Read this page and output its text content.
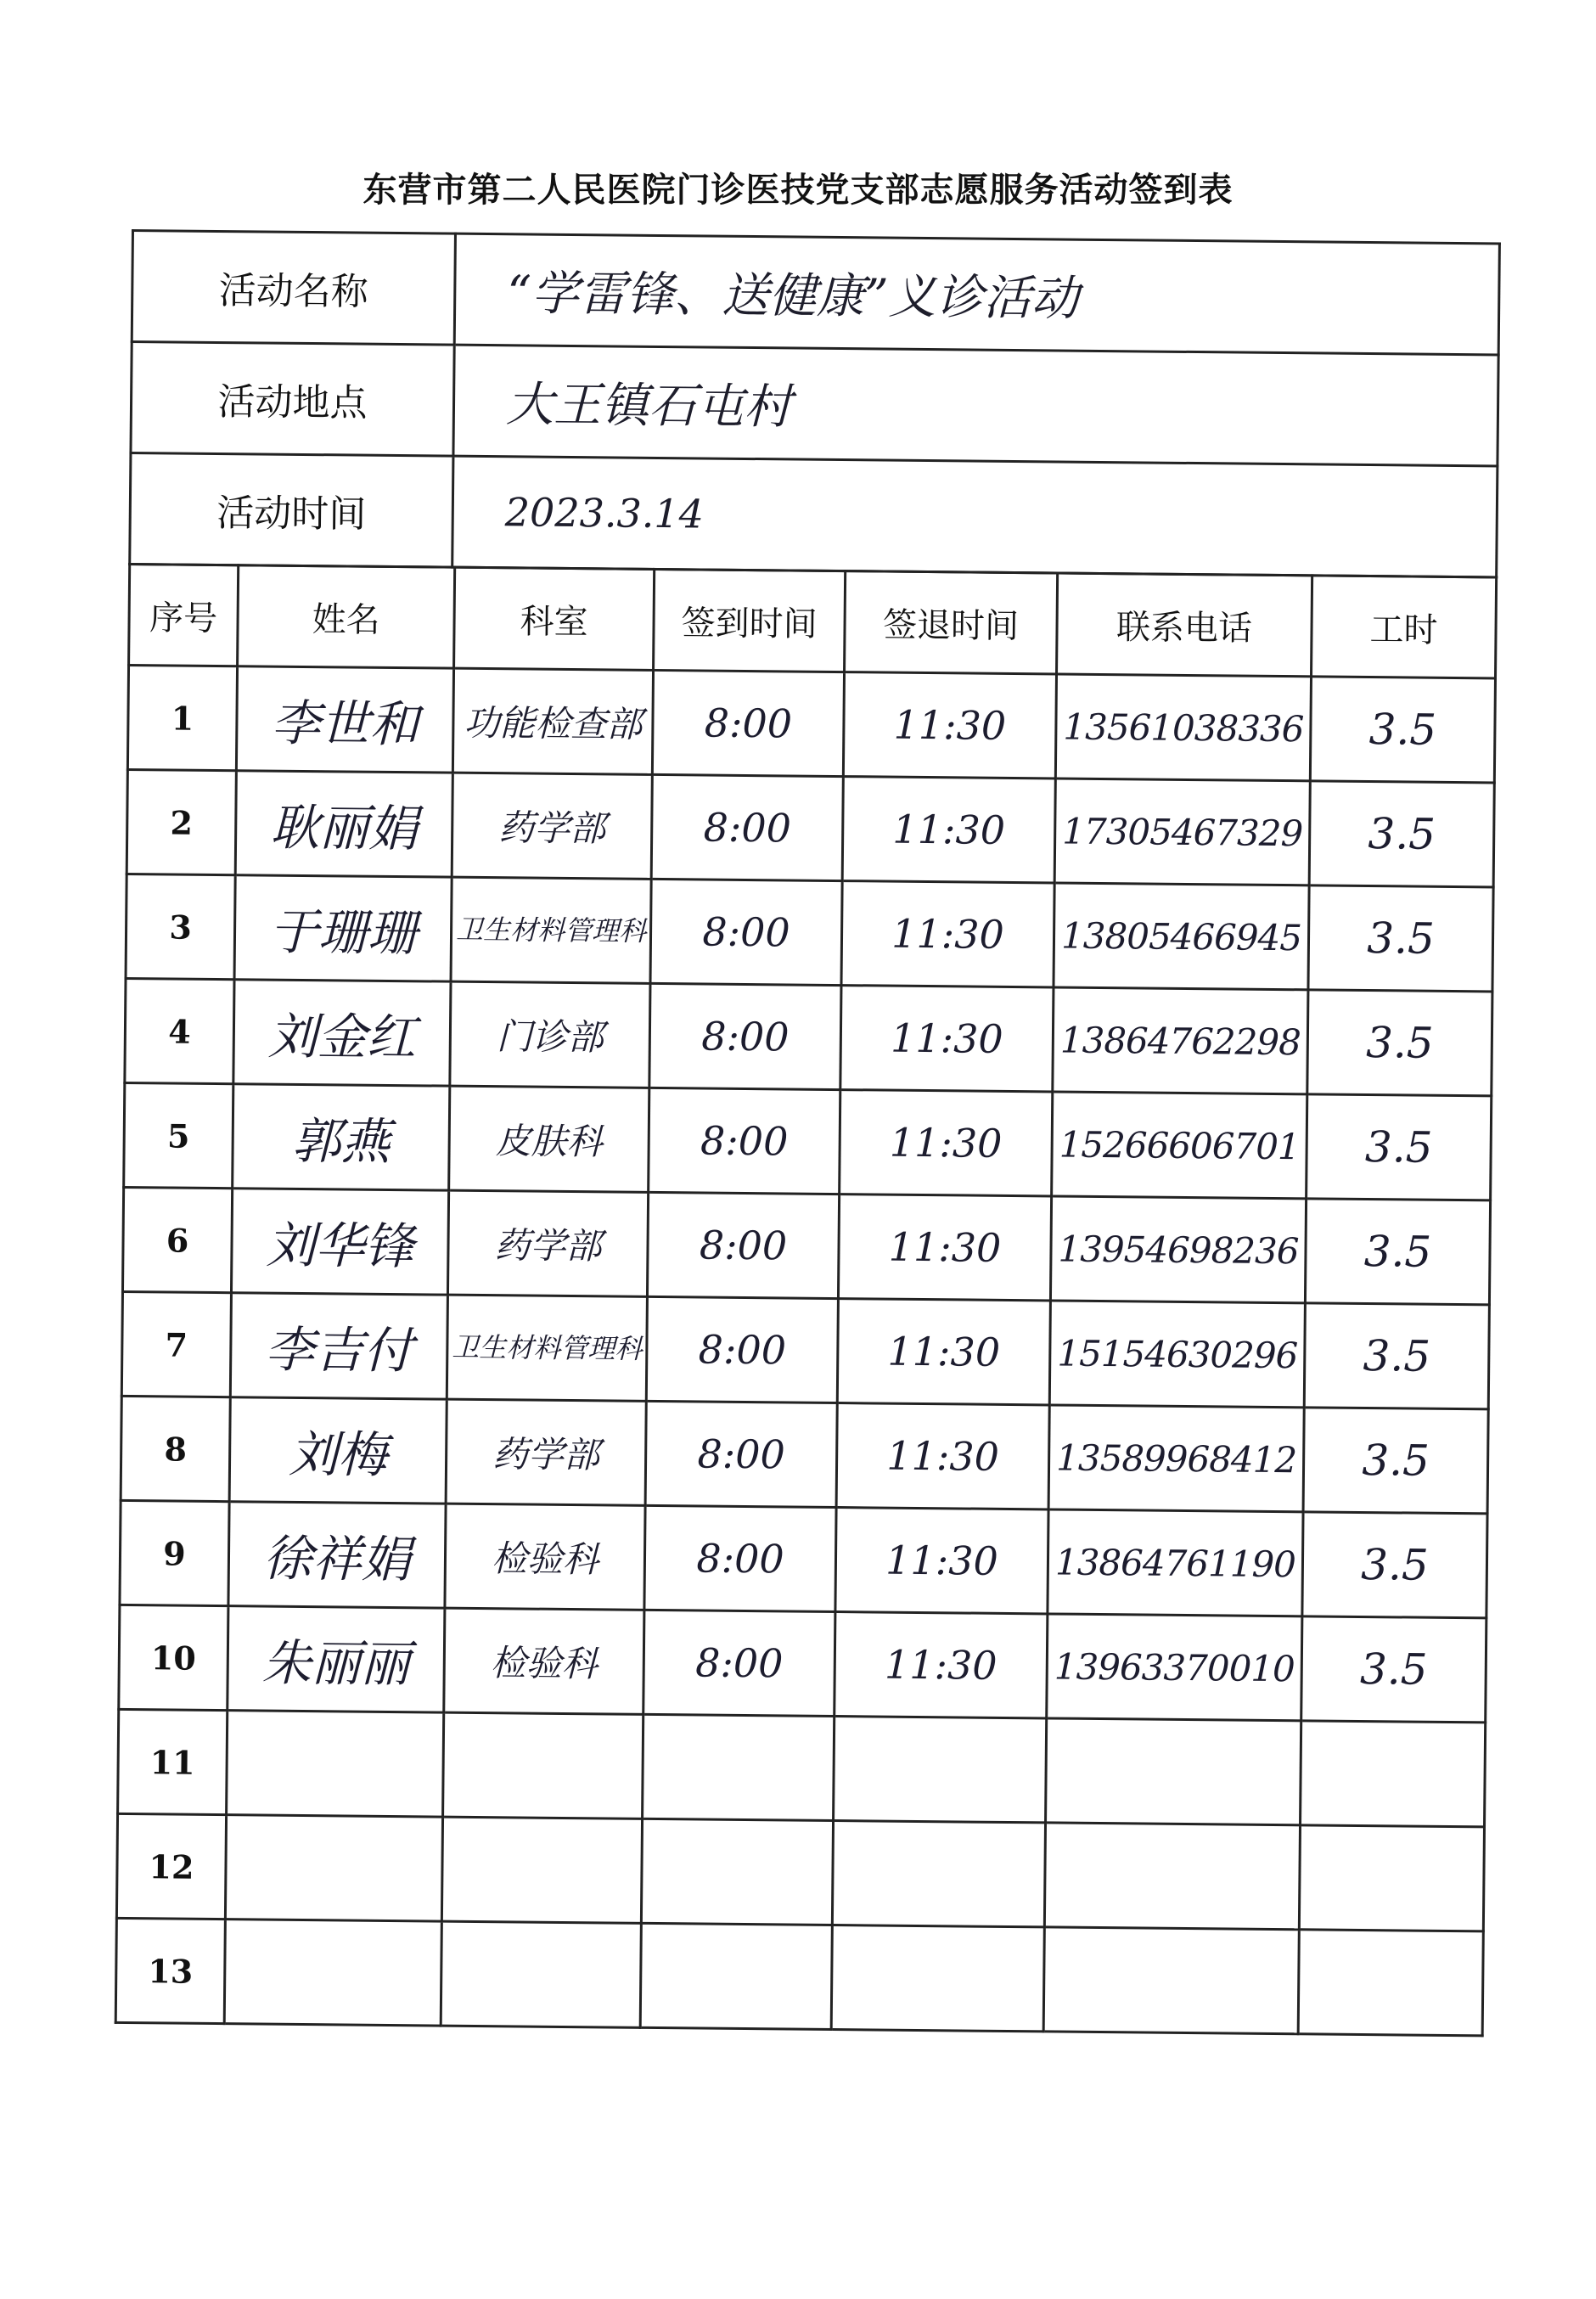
东营市第二人民医院门诊医技党支部志愿服务活动签到表
活动名称	“学雷锋、送健康”义诊活动
活动地点	大王镇石屯村
活动时间	2023.3.14
序号	姓名	科室	签到时间	签退时间	联系电话	工时
1	李世和	功能检查部	8:00	11:30	13561038336	3.5
2	耿丽娟	药学部	8:00	11:30	17305467329	3.5
3	于珊珊	卫生材料管理科	8:00	11:30	13805466945	3.5
4	刘金红	门诊部	8:00	11:30	13864762298	3.5
5	郭燕	皮肤科	8:00	11:30	15266606701	3.5
6	刘华锋	药学部	8:00	11:30	13954698236	3.5
7	李吉付	卫生材料管理科	8:00	11:30	15154630296	3.5
8	刘梅	药学部	8:00	11:30	13589968412	3.5
9	徐祥娟	检验科	8:00	11:30	13864761190	3.5
10	朱丽丽	检验科	8:00	11:30	13963370010	3.5
11						
12						
13						
